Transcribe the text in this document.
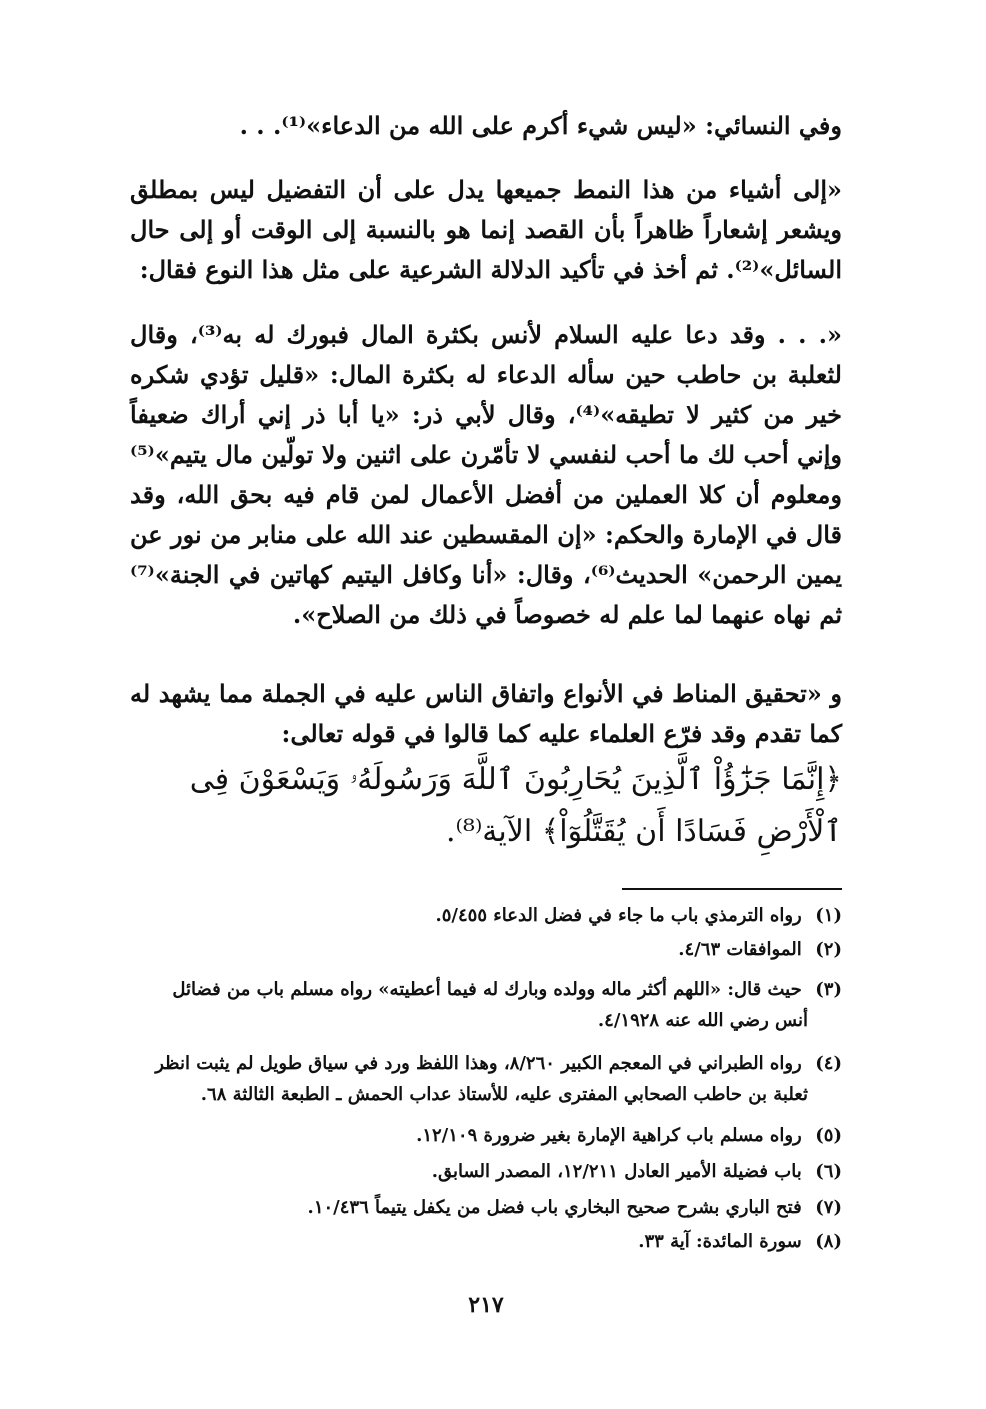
وفي النسائي: «ليس شيء أكرم على الله من الدعاء»⁽¹⁾. . .
«إلى أشياء من هذا النمط جميعها يدل على أن التفضيل ليس بمطلق ويشعر إشعاراً ظاهراً بأن القصد إنما هو بالنسبة إلى الوقت أو إلى حال السائل»⁽²⁾. ثم أخذ في تأكيد الدلالة الشرعية على مثل هذا النوع فقال:
«. . . وقد دعا عليه السلام لأنس بكثرة المال فبورك له به⁽³⁾، وقال لثعلبة بن حاطب حين سأله الدعاء له بكثرة المال: «قليل تؤدي شكره خير من كثير لا تطيقه»⁽⁴⁾، وقال لأبي ذر: «يا أبا ذر إني أراك ضعيفاً وإني أحب لك ما أحب لنفسي لا تأمّرن على اثنين ولا تولّين مال يتيم»⁽⁵⁾ ومعلوم أن كلا العملين من أفضل الأعمال لمن قام فيه بحق الله، وقد قال في الإمارة والحكم: «إن المقسطين عند الله على منابر من نور عن يمين الرحمن» الحديث⁽⁶⁾، وقال: «أنا وكافل اليتيم كهاتين في الجنة»⁽⁷⁾ ثم نهاه عنهما لما علم له خصوصاً في ذلك من الصلاح».
و «تحقيق المناط في الأنواع واتفاق الناس عليه في الجملة مما يشهد له كما تقدم وقد فرّع العلماء عليه كما قالوا في قوله تعالى:
﴿إِنَّمَا جَزَٰٓؤُاْ ٱلَّذِينَ يُحَارِبُونَ ٱللَّهَ وَرَسُولَهُۥ وَيَسْعَوْنَ فِى ٱلْأَرْضِ فَسَادًا أَن يُقَتَّلُوٓاْ﴾ الآية⁽⁸⁾.
(١) رواه الترمذي باب ما جاء في فضل الدعاء ٥/٤٥٥.
(٢) الموافقات ٤/٦٣.
(٣) حيث قال: «اللهم أكثر ماله وولده وبارك له فيما أعطيته» رواه مسلم باب من فضائل
أنس رضي الله عنه ٤/١٩٢٨.
(٤) رواه الطبراني في المعجم الكبير ٨/٢٦٠، وهذا اللفظ ورد في سياق طويل لم يثبت انظر
ثعلبة بن حاطب الصحابي المفترى عليه، للأستاذ عداب الحمش ـ الطبعة الثالثة ٦٨.
(٥) رواه مسلم باب كراهية الإمارة بغير ضرورة ١٢/١٠٩.
(٦) باب فضيلة الأمير العادل ١٢/٢١١، المصدر السابق.
(٧) فتح الباري بشرح صحيح البخاري باب فضل من يكفل يتيماً ١٠/٤٣٦.
(٨) سورة المائدة: آية ٣٣.
٢١٧
